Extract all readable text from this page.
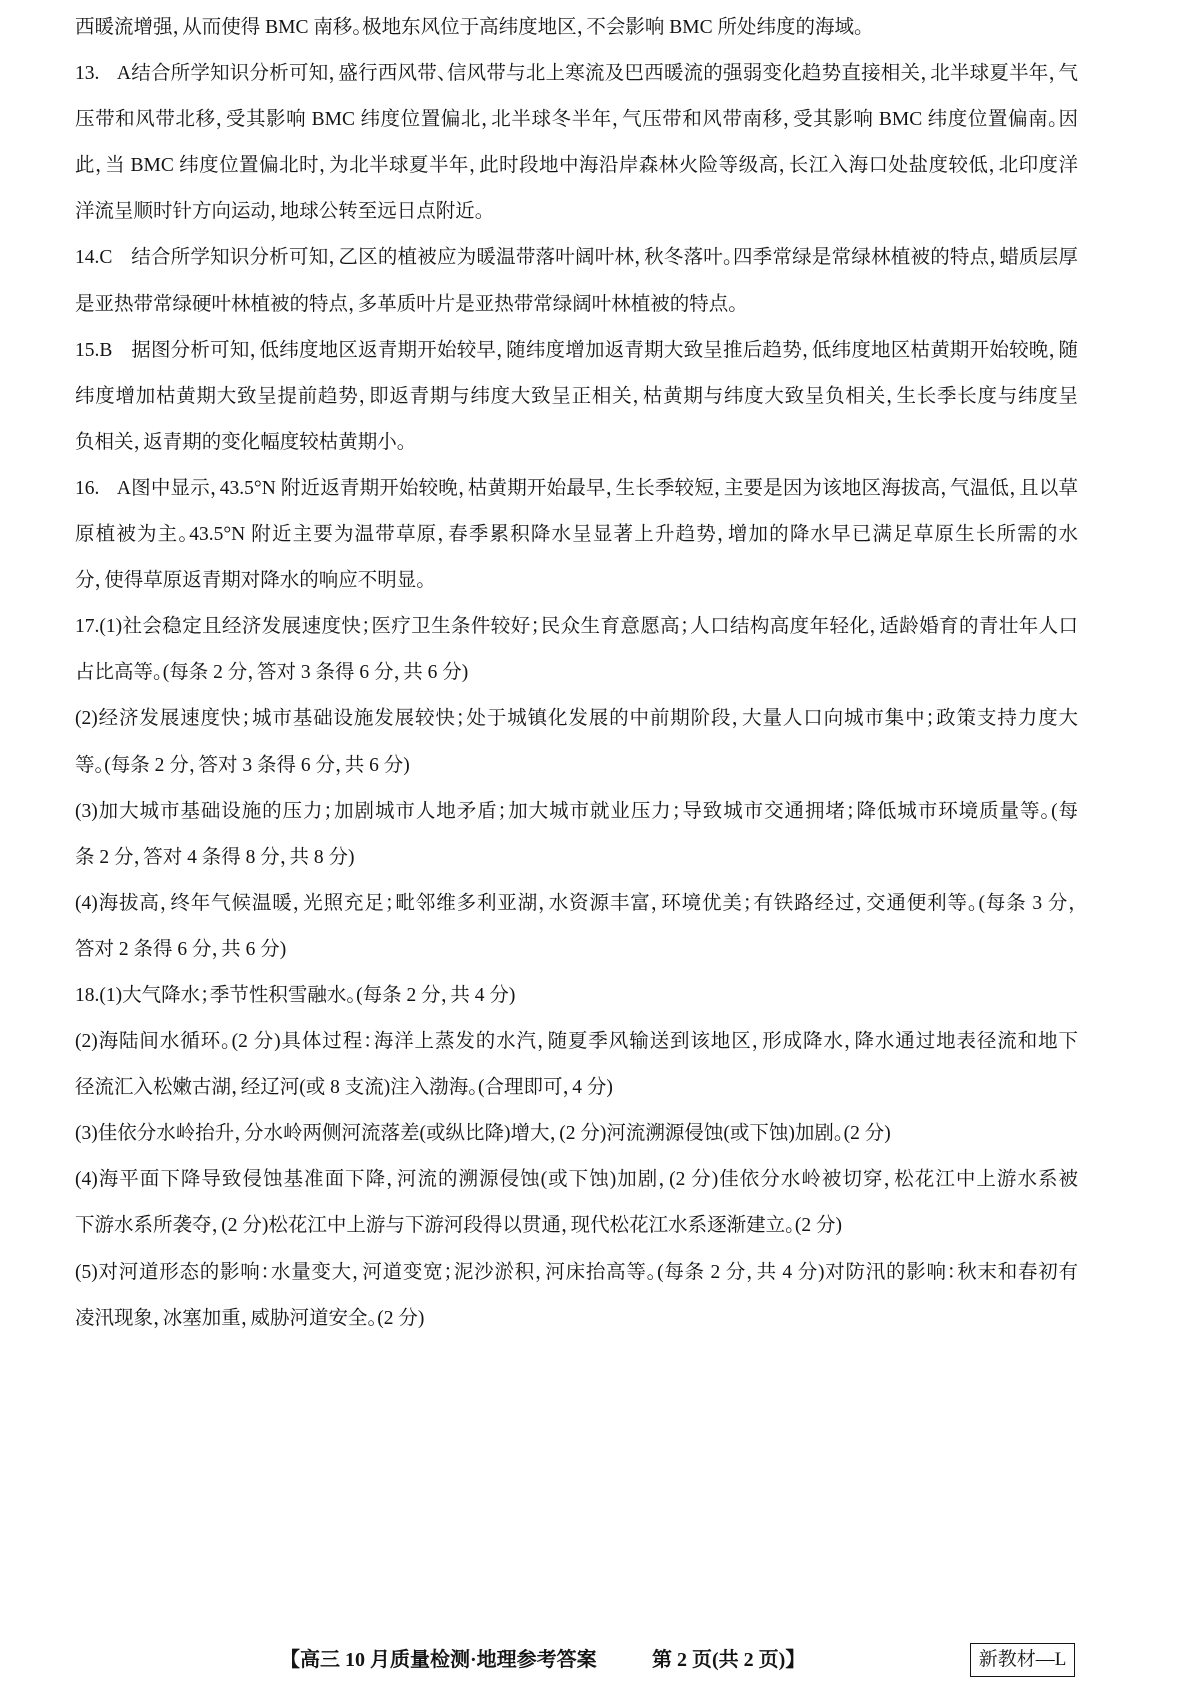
西暖流增强，从而使得 BMC 南移。极地东风位于高纬度地区，不会影响 BMC 所处纬度的海域。
13. A结合所学知识分析可知，盛行西风带、信风带与北上寒流及巴西暖流的强弱变化趋势直接相关，北半球夏半年，气
压带和风带北移，受其影响 BMC 纬度位置偏北，北半球冬半年，气压带和风带南移，受其影响 BMC 纬度位置偏南。因
此，当 BMC 纬度位置偏北时，为北半球夏半年，此时段地中海沿岸森林火险等级高，长江入海口处盐度较低，北印度洋
洋流呈顺时针方向运动，地球公转至远日点附近。
14.C 结合所学知识分析可知，乙区的植被应为暖温带落叶阔叶林，秋冬落叶。四季常绿是常绿林植被的特点，蜡质层厚
是亚热带常绿硬叶林植被的特点，多革质叶片是亚热带常绿阔叶林植被的特点。
15.B 据图分析可知，低纬度地区返青期开始较早，随纬度增加返青期大致呈推后趋势，低纬度地区枯黄期开始较晚，随
纬度增加枯黄期大致呈提前趋势，即返青期与纬度大致呈正相关，枯黄期与纬度大致呈负相关，生长季长度与纬度呈
负相关，返青期的变化幅度较枯黄期小。
16. A图中显示，43.5°N 附近返青期开始较晚，枯黄期开始最早，生长季较短，主要是因为该地区海拔高，气温低，且以草
原植被为主。43.5°N 附近主要为温带草原，春季累积降水呈显著上升趋势，增加的降水早已满足草原生长所需的水
分，使得草原返青期对降水的响应不明显。
17.(1)社会稳定且经济发展速度快；医疗卫生条件较好；民众生育意愿高；人口结构高度年轻化，适龄婚育的青壮年人口
占比高等。(每条 2 分，答对 3 条得 6 分，共 6 分)
(2)经济发展速度快；城市基础设施发展较快；处于城镇化发展的中前期阶段，大量人口向城市集中；政策支持力度大
等。(每条 2 分，答对 3 条得 6 分，共 6 分)
(3)加大城市基础设施的压力；加剧城市人地矛盾；加大城市就业压力；导致城市交通拥堵；降低城市环境质量等。(每
条 2 分，答对 4 条得 8 分，共 8 分)
(4)海拔高，终年气候温暖，光照充足；毗邻维多利亚湖，水资源丰富，环境优美；有铁路经过，交通便利等。(每条 3 分，
答对 2 条得 6 分，共 6 分)
18.(1)大气降水；季节性积雪融水。(每条 2 分，共 4 分)
(2)海陆间水循环。(2 分)具体过程：海洋上蒸发的水汽，随夏季风输送到该地区，形成降水，降水通过地表径流和地下
径流汇入松嫩古湖，经辽河(或 8 支流)注入渤海。(合理即可，4 分)
(3)佳依分水岭抬升，分水岭两侧河流落差(或纵比降)增大，(2 分)河流溯源侵蚀(或下蚀)加剧。(2 分)
(4)海平面下降导致侵蚀基准面下降，河流的溯源侵蚀(或下蚀)加剧，(2 分)佳依分水岭被切穿，松花江中上游水系被
下游水系所袭夺，(2 分)松花江中上游与下游河段得以贯通，现代松花江水系逐渐建立。(2 分)
(5)对河道形态的影响：水量变大，河道变宽；泥沙淤积，河床抬高等。(每条 2 分，共 4 分)对防汛的影响：秋末和春初有
凌汛现象，冰塞加重，威胁河道安全。(2 分)
【高三 10 月质量检测·地理参考答案	第 2 页(共 2 页)】	新教材—L
